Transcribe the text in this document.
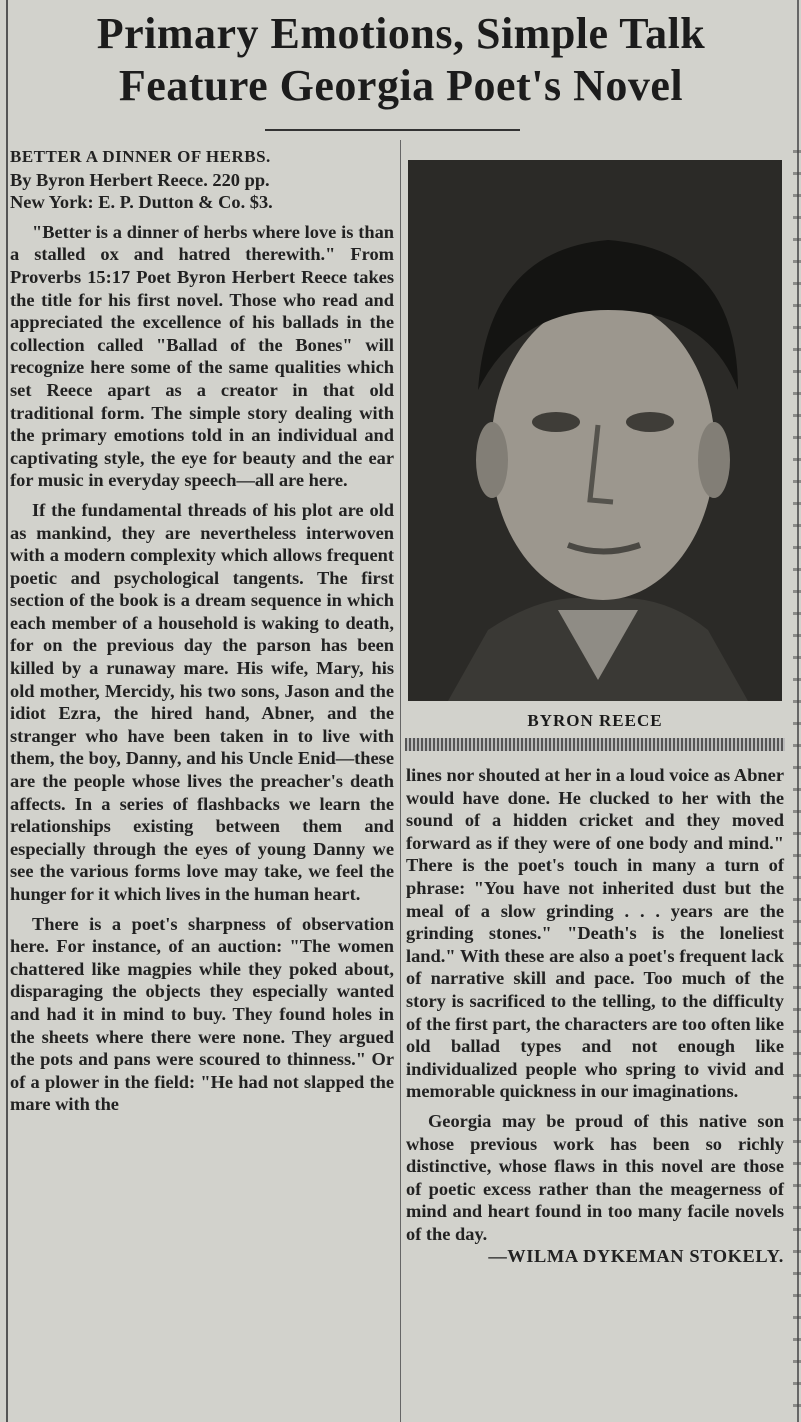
Primary Emotions, Simple Talk
Feature Georgia Poet's Novel

BETTER A DINNER OF HERBS.

By Byron Herbert Reece. 220 pp.

New York: E. P. Dutton & Co. $3.

"Better is a dinner of herbs where love is than a stalled ox and hatred therewith." From Proverbs 15:17 Poet Byron Herbert Reece takes the title for his first novel. Those who read and appreciated the excellence of his ballads in the collection called "Ballad of the Bones" will recognize here some of the same qualities which set Reece apart as a creator in that old traditional form. The simple story dealing with the primary emotions told in an individual and captivating style, the eye for beauty and the ear for music in everyday speech—all are here.

If the fundamental threads of his plot are old as mankind, they are nevertheless interwoven with a modern complexity which allows frequent poetic and psychological tangents. The first section of the book is a dream sequence in which each member of a household is waking to death, for on the previous day the parson has been killed by a runaway mare. His wife, Mary, his old mother, Mercidy, his two sons, Jason and the idiot Ezra, the hired hand, Abner, and the stranger who have been taken in to live with them, the boy, Danny, and his Uncle Enid—these are the people whose lives the preacher's death affects. In a series of flashbacks we learn the relationships existing between them and especially through the eyes of young Danny we see the various forms love may take, we feel the hunger for it which lives in the human heart.

There is a poet's sharpness of observation here. For instance, of an auction: "The women chattered like magpies while they poked about, disparaging the objects they especially wanted and had it in mind to buy. They found holes in the sheets where there were none. They argued the pots and pans were scoured to thinness." Or of a plower in the field: "He had not slapped the mare with the

BYRON REECE

lines nor shouted at her in a loud voice as Abner would have done. He clucked to her with the sound of a hidden cricket and they moved forward as if they were of one body and mind." There is the poet's touch in many a turn of phrase: "You have not inherited dust but the meal of a slow grinding . . . years are the grinding stones." "Death's is the loneliest land." With these are also a poet's frequent lack of narrative skill and pace. Too much of the story is sacrificed to the telling, to the difficulty of the first part, the characters are too often like old ballad types and not enough like individualized people who spring to vivid and memorable quickness in our imaginations.

Georgia may be proud of this native son whose previous work has been so richly distinctive, whose flaws in this novel are those of poetic excess rather than the meagerness of mind and heart found in too many facile novels of the day.

—WILMA DYKEMAN STOKELY.
